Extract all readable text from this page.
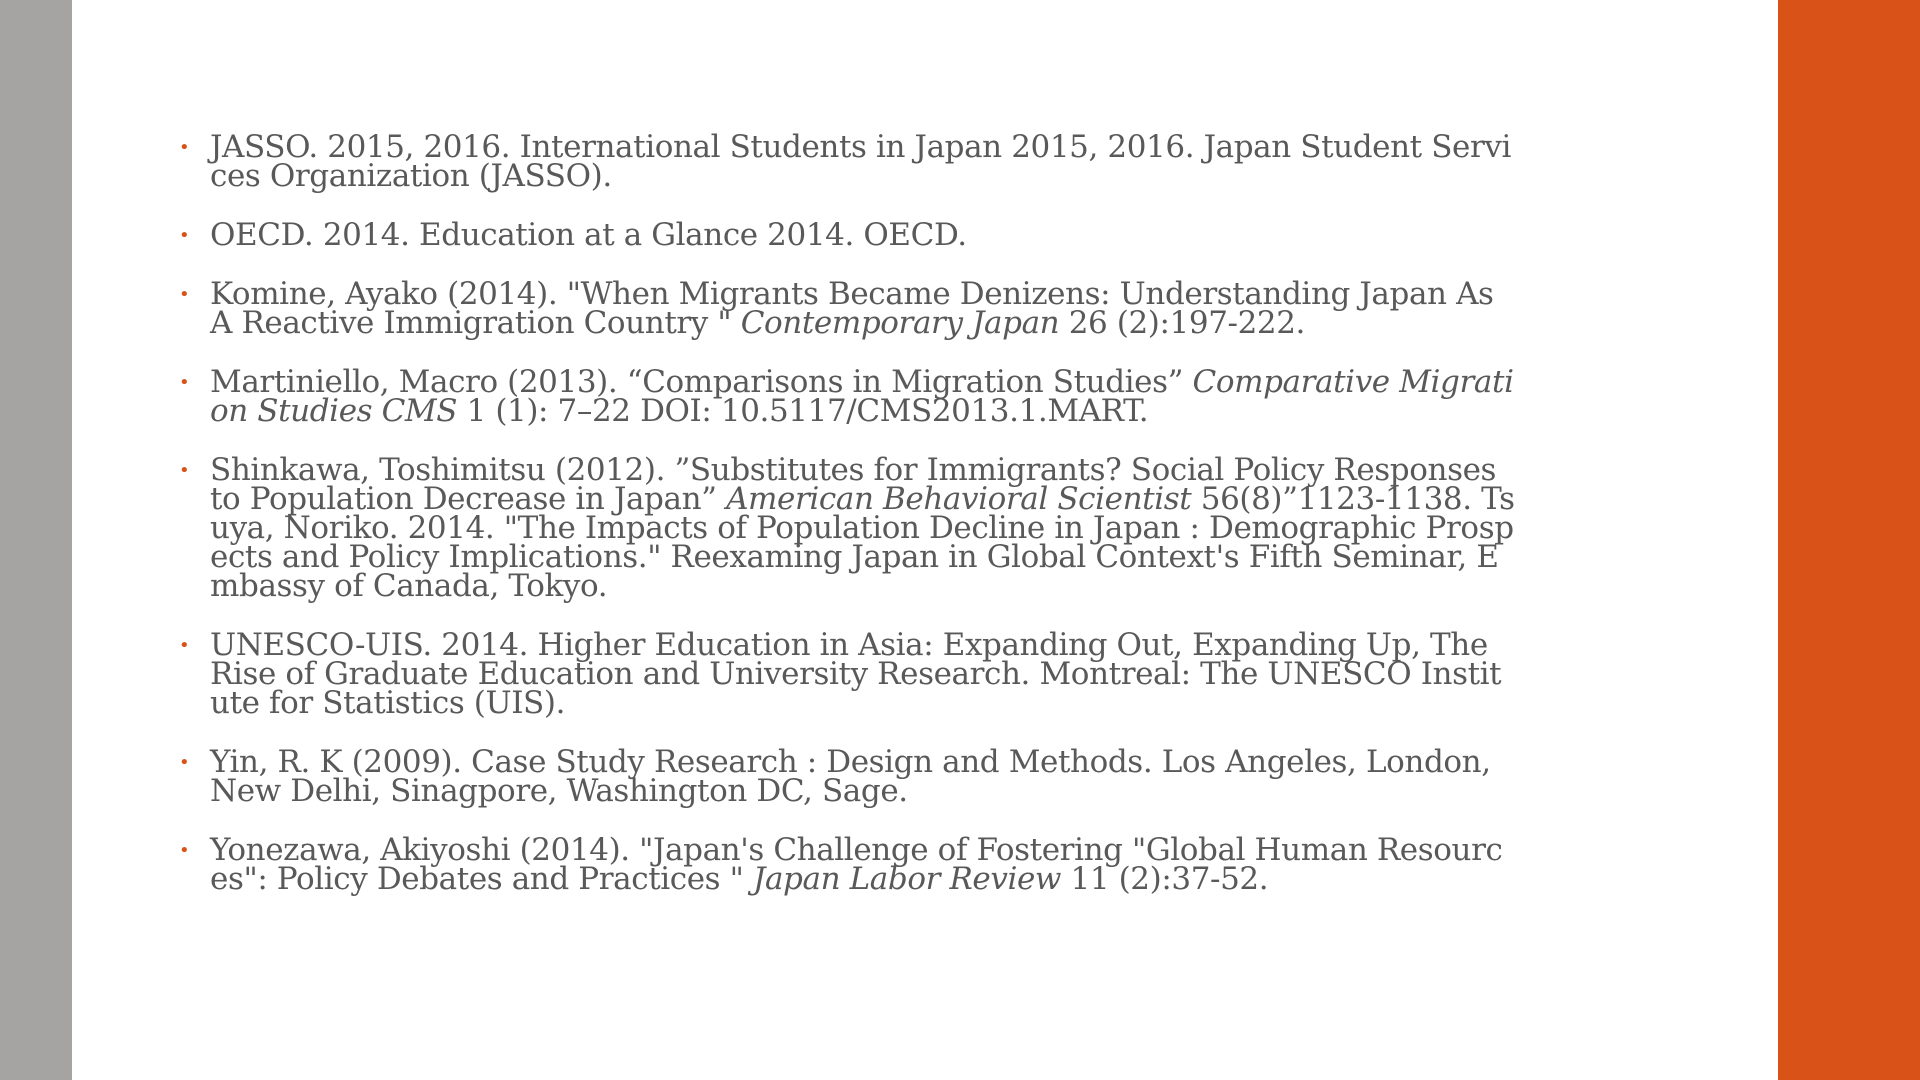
• JASSO. 2015, 2016. International Students in Japan 2015, 2016. Japan Student Services Organization (JASSO).
• OECD. 2014. Education at a Glance 2014. OECD.
• Komine, Ayako (2014). "When Migrants Became Denizens: Understanding Japan As A Reactive Immigration Country " Contemporary Japan 26 (2):197-222.
• Martiniello, Macro (2013). “Comparisons in Migration Studies” Comparative Migration Studies CMS 1 (1): 7–22 DOI: 10.5117/CMS2013.1.MART.
• Shinkawa, Toshimitsu (2012). ”Substitutes for Immigrants? Social Policy Responses to Population Decrease in Japan” American Behavioral Scientist 56(8)”1123-1138. Tsuya, Noriko. 2014. "The Impacts of Population Decline in Japan : Demographic Prospects and Policy Implications." Reexaming Japan in Global Context's Fifth Seminar, Embassy of Canada, Tokyo.
• UNESCO-UIS. 2014. Higher Education in Asia: Expanding Out, Expanding Up, The Rise of Graduate Education and University Research. Montreal: The UNESCO Institute for Statistics (UIS).
• Yin, R. K (2009). Case Study Research : Design and Methods. Los Angeles, London, New Delhi, Sinagpore, Washington DC, Sage.
• Yonezawa, Akiyoshi (2014). "Japan's Challenge of Fostering "Global Human Resources": Policy Debates and Practices " Japan Labor Review 11 (2):37-52.
